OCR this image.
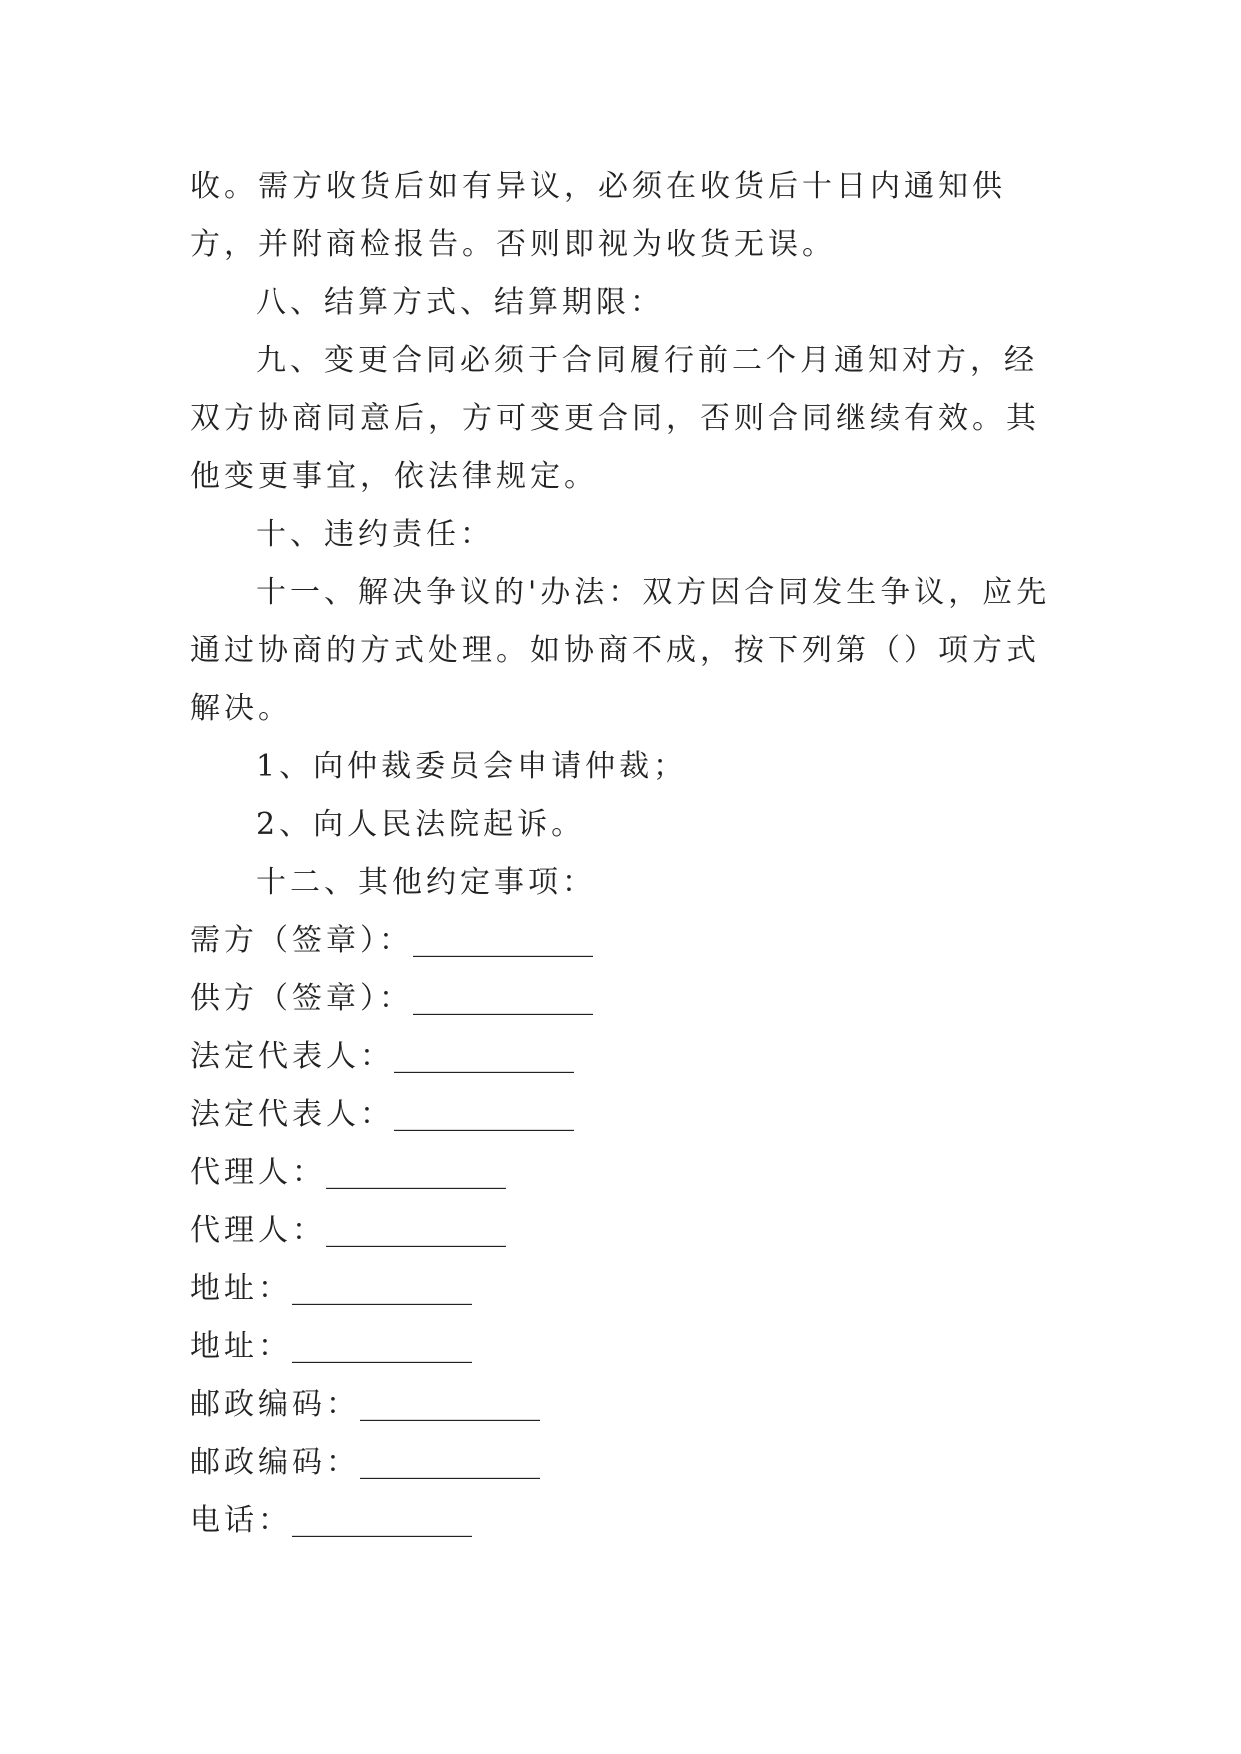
收。需方收货后如有异议，必须在收货后十日内通知供方，并附商检报告。否则即视为收货无误。

八、结算方式、结算期限：

九、变更合同必须于合同履行前二个月通知对方，经双方协商同意后，方可变更合同，否则合同继续有效。其他变更事宜，依法律规定。

十、违约责任：

十一、解决争议的'办法：双方因合同发生争议，应先通过协商的方式处理。如协商不成，按下列第（）项方式解决。

1、向仲裁委员会申请仲裁；

2、向人民法院起诉。

十二、其他约定事项：

需方（签章）：____________

供方（签章）：____________

法定代表人：____________

法定代表人：____________

代理人：____________

代理人：____________

地址：____________

地址：____________

邮政编码：____________

邮政编码：____________

电话：____________
